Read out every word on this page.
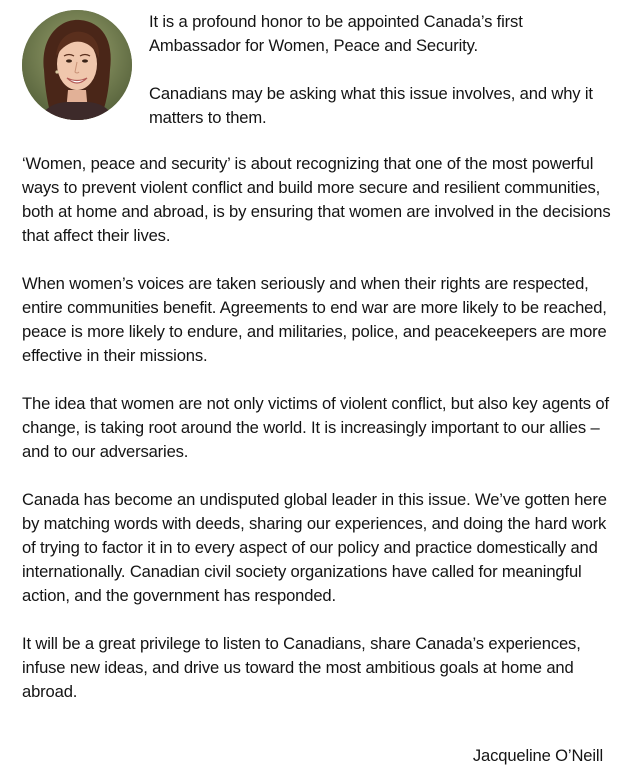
It is a profound honor to be appointed Canada’s first Ambassador for Women, Peace and Security.

Canadians may be asking what this issue involves, and why it matters to them.

‘Women, peace and security’ is about recognizing that one of the most powerful ways to prevent violent conflict and build more secure and resilient communities, both at home and abroad, is by ensuring that women are involved in the decisions that affect their lives.

When women’s voices are taken seriously and when their rights are respected, entire communities benefit. Agreements to end war are more likely to be reached, peace is more likely to endure, and militaries, police, and peacekeepers are more effective in their missions.

The idea that women are not only victims of violent conflict, but also key agents of change, is taking root around the world. It is increasingly important to our allies – and to our adversaries.

Canada has become an undisputed global leader in this issue. We’ve gotten here by matching words with deeds, sharing our experiences, and doing the hard work of trying to factor it in to every aspect of our policy and practice domestically and internationally. Canadian civil society organizations have called for meaningful action, and the government has responded.

It will be a great privilege to listen to Canadians, share Canada’s experiences, infuse new ideas, and drive us toward the most ambitious goals at home and abroad.

Jacqueline O’Neill
